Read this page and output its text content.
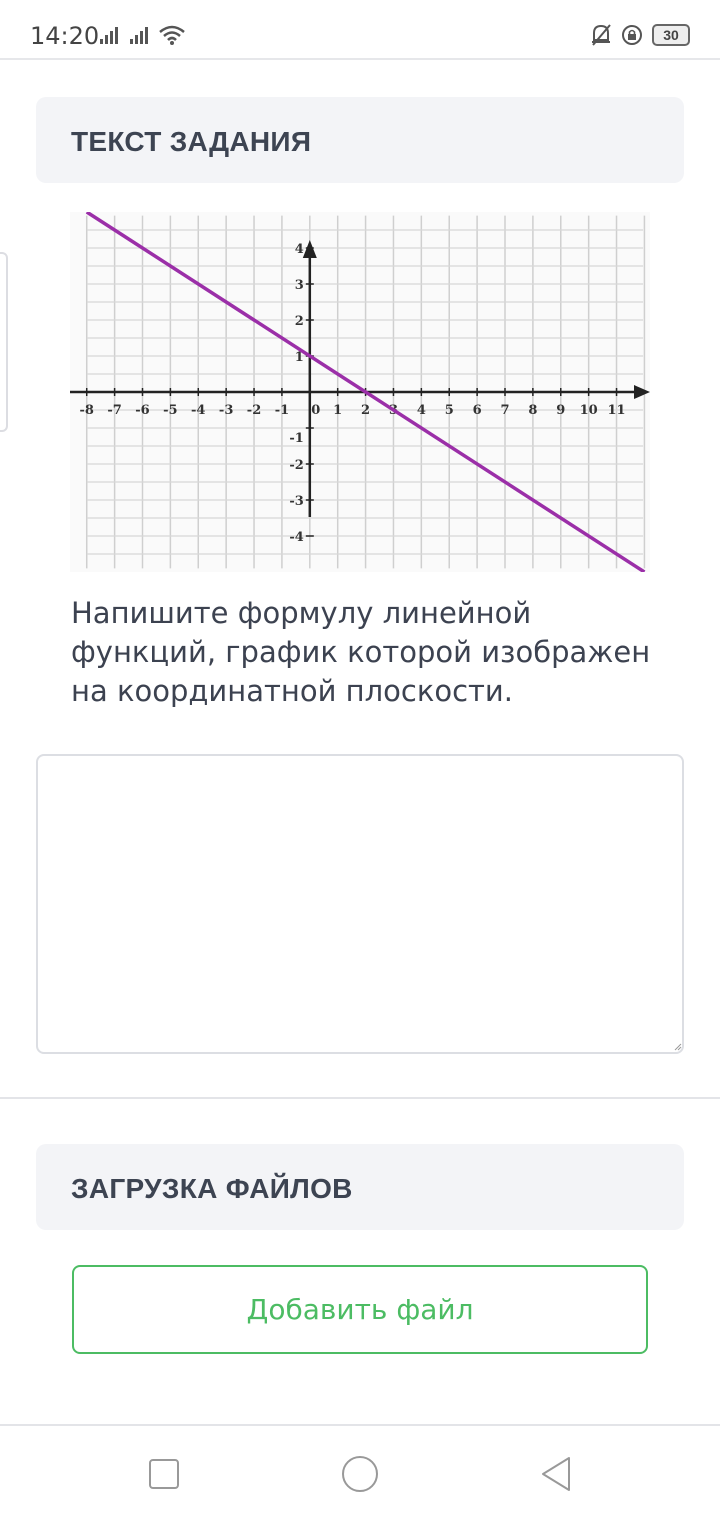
14:20	30
ТЕКСТ ЗАДАНИЯ
-8 -7 -6 -5 -4 -3 -2 -1 0 1 2 3 4 5 6 7 8 9 10 11
4
3
2
1
-1
-2
-3
-4
Напишите формулу линейной функций, график которой изображен на координатной плоскости.
ЗАГРУЗКА ФАЙЛОВ
Добавить файл
